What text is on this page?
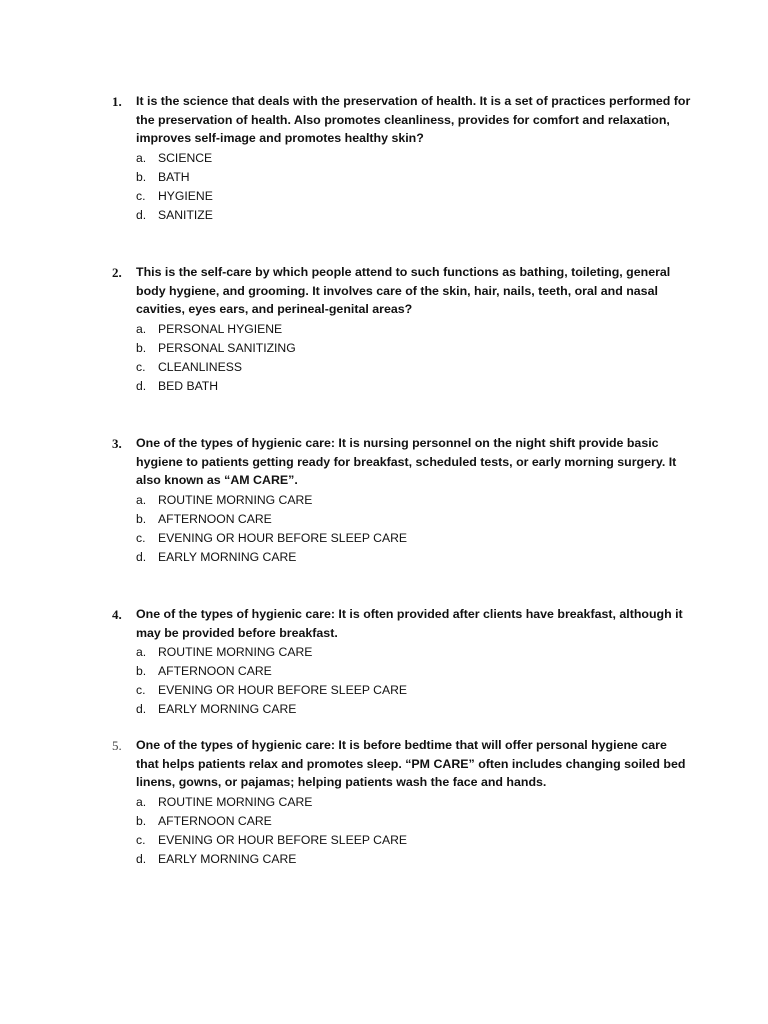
1.	It is the science that deals with the preservation of health. It is a set of practices performed for the preservation of health. Also promotes cleanliness, provides for comfort and relaxation, improves self-image and promotes healthy skin?
a. SCIENCE
b. BATH
c.	HYGIENE
d. SANITIZE
2.	This is the self-care by which people attend to such functions as bathing, toileting, general body hygiene, and grooming. It involves care of the skin, hair, nails, teeth, oral and nasal cavities, eyes ears, and perineal-genital areas?
a. PERSONAL HYGIENE
b. PERSONAL SANITIZING
c.	CLEANLINESS
d. BED BATH
3.	One of the types of hygienic care: It is nursing personnel on the night shift provide basic hygiene to patients getting ready for breakfast, scheduled tests, or early morning surgery. It also known as “AM CARE”.
a. ROUTINE MORNING CARE
b. AFTERNOON CARE
c.	EVENING OR HOUR BEFORE SLEEP CARE
d. EARLY MORNING CARE
4.	One of the types of hygienic care: It is often provided after clients have breakfast, although it may be provided before breakfast.
a. ROUTINE MORNING CARE
b. AFTERNOON CARE
c.	EVENING OR HOUR BEFORE SLEEP CARE
d. EARLY MORNING CARE
5.	One of the types of hygienic care: It is before bedtime that will offer personal hygiene care that helps patients relax and promotes sleep. “PM CARE” often includes changing soiled bed linens, gowns, or pajamas; helping patients wash the face and hands.
a. ROUTINE MORNING CARE
b. AFTERNOON CARE
c.	EVENING OR HOUR BEFORE SLEEP CARE
d. EARLY MORNING CARE
